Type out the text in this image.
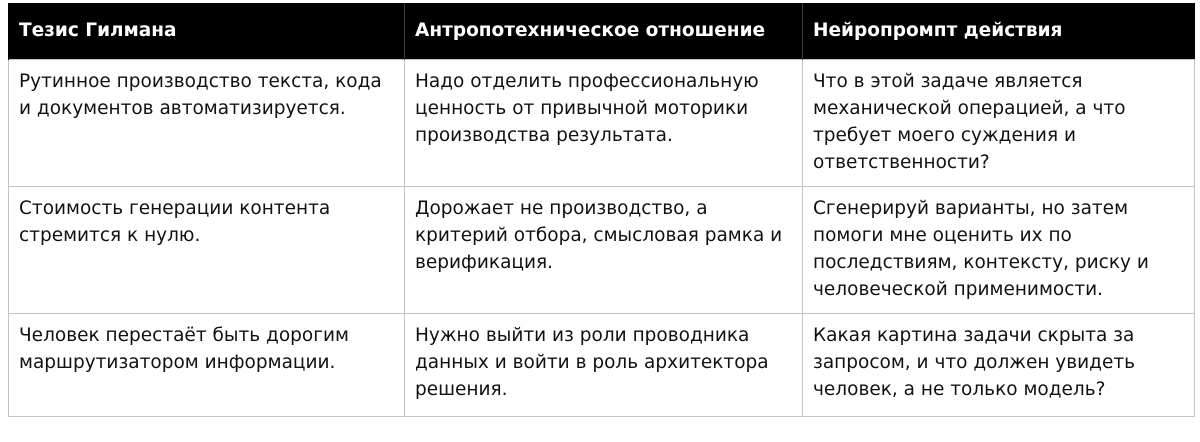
Тезис Гилмана	Антропотехническое отношение	Нейропромпт действия
Рутинное производство текста, кода и документов автоматизируется.	Надо отделить профессиональную ценность от привычной моторики производства результата.	Что в этой задаче является механической операцией, а что требует моего суждения и ответственности?
Стоимость генерации контента стремится к нулю.	Дорожает не производство, а критерий отбора, смысловая рамка и верификация.	Сгенерируй варианты, но затем помоги мне оценить их по последствиям, контексту, риску и человеческой применимости.
Человек перестаёт быть дорогим маршрутизатором информации.	Нужно выйти из роли проводника данных и войти в роль архитектора решения.	Какая картина задачи скрыта за запросом, и что должен увидеть человек, а не только модель?
